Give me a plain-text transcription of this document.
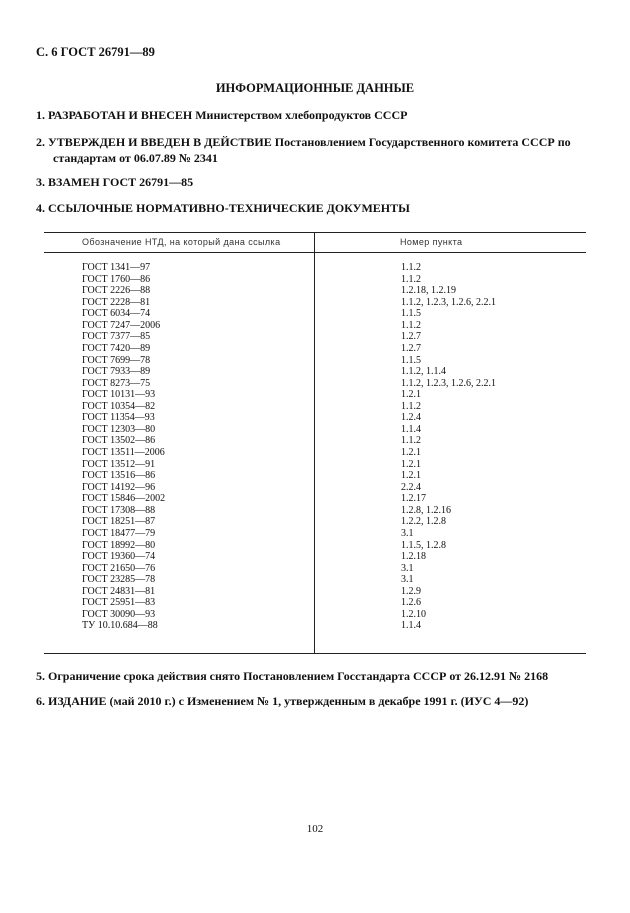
С. 6 ГОСТ 26791—89
ИНФОРМАЦИОННЫЕ ДАННЫЕ
1. РАЗРАБОТАН И ВНЕСЕН Министерством хлебопродуктов СССР
2. УТВЕРЖДЕН И ВВЕДЕН В ДЕЙСТВИЕ Постановлением Государственного комитета СССР по
стандартам от 06.07.89 № 2341
3. ВЗАМЕН ГОСТ 26791—85
4. ССЫЛОЧНЫЕ НОРМАТИВНО-ТЕХНИЧЕСКИЕ ДОКУМЕНТЫ
Обозначение НТД, на который дана ссылка	Номер пункта
ГОСТ 1341—97
ГОСТ 1760—86
ГОСТ 2226—88
ГОСТ 2228—81
ГОСТ 6034—74
ГОСТ 7247—2006
ГОСТ 7377—85
ГОСТ 7420—89
ГОСТ 7699—78
ГОСТ 7933—89
ГОСТ 8273—75
ГОСТ 10131—93
ГОСТ 10354—82
ГОСТ 11354—93
ГОСТ 12303—80
ГОСТ 13502—86
ГОСТ 13511—2006
ГОСТ 13512—91
ГОСТ 13516—86
ГОСТ 14192—96
ГОСТ 15846—2002
ГОСТ 17308—88
ГОСТ 18251—87
ГОСТ 18477—79
ГОСТ 18992—80
ГОСТ 19360—74
ГОСТ 21650—76
ГОСТ 23285—78
ГОСТ 24831—81
ГОСТ 25951—83
ГОСТ 30090—93
ТУ 10.10.684—88
1.1.2
1.1.2
1.2.18, 1.2.19
1.1.2, 1.2.3, 1.2.6, 2.2.1
1.1.5
1.1.2
1.2.7
1.2.7
1.1.5
1.1.2, 1.1.4
1.1.2, 1.2.3, 1.2.6, 2.2.1
1.2.1
1.1.2
1.2.4
1.1.4
1.1.2
1.2.1
1.2.1
1.2.1
2.2.4
1.2.17
1.2.8, 1.2.16
1.2.2, 1.2.8
3.1
1.1.5, 1.2.8
1.2.18
3.1
3.1
1.2.9
1.2.6
1.2.10
1.1.4
5. Ограничение срока действия снято Постановлением Госстандарта СССР от 26.12.91 № 2168
6. ИЗДАНИЕ (май 2010 г.) с Изменением № 1, утвержденным в декабре 1991 г. (ИУС 4—92)
102
